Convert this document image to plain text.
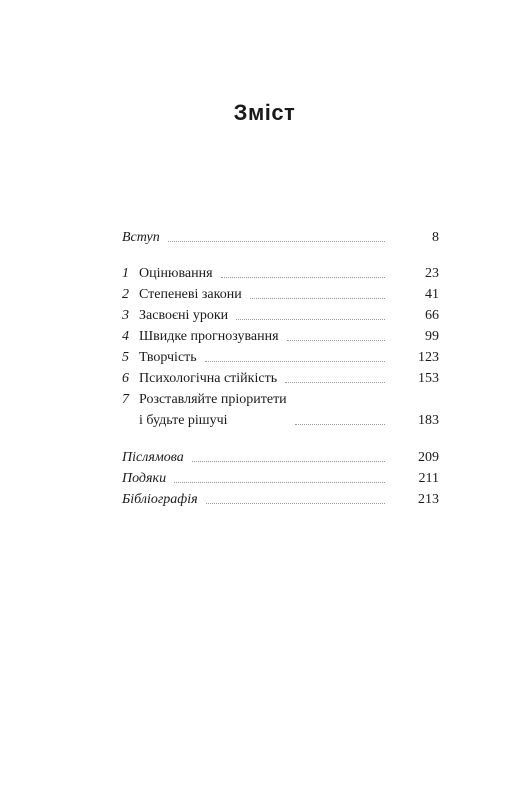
Зміст
Вступ	8
1 Оцінювання	23
2 Степеневі закони	41
3 Засвоєні уроки	66
4 Швидке прогнозування	99
5 Творчість	123
6 Психологічна стійкість	153
7 Розставляйте пріоритети
і будьте рішучі	183
Післямова	209
Подяки	211
Бібліографія	213
